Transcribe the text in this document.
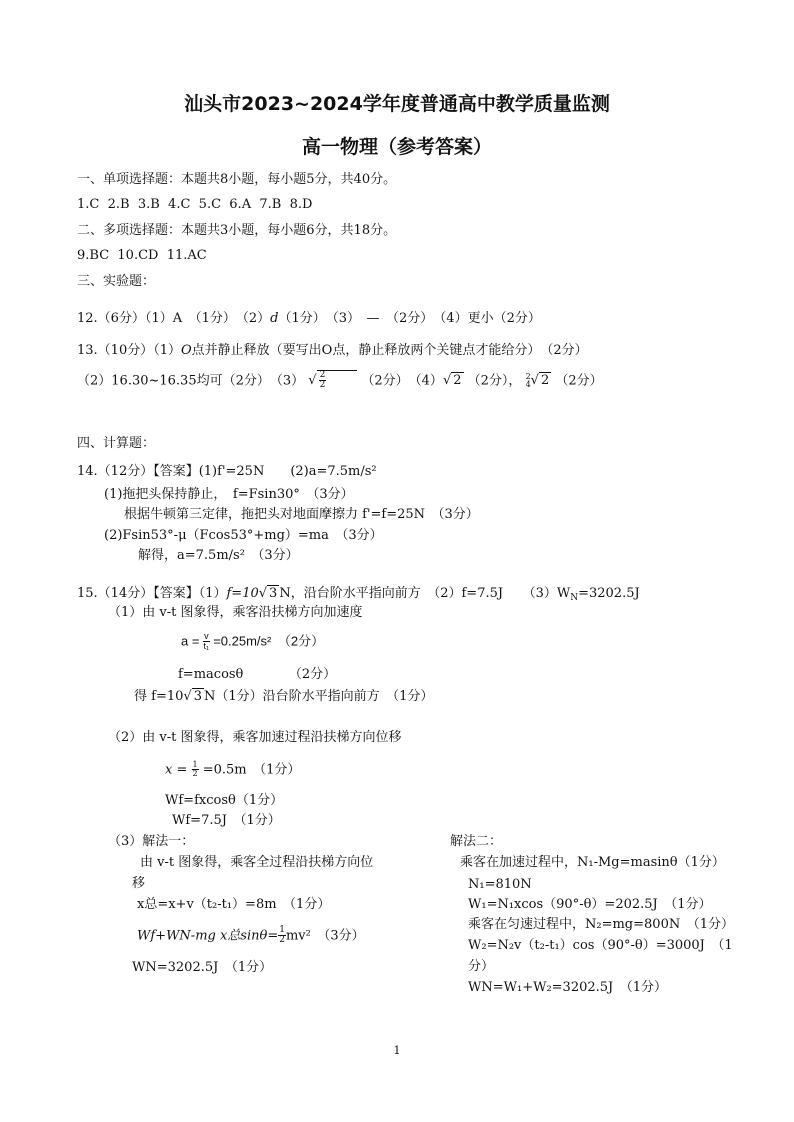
汕头市2023~2024学年度普通高中教学质量监测
高一物理（参考答案）
一、单项选择题：本题共8小题，每小题5分，共40分。
1.C  2.B  3.B  4.C  5.C  6.A  7.B  8.D
二、多项选择题：本题共3小题，每小题6分，共18分。
9.BC  10.CD  11.AC
三、实验题：
12.（6分）（1）A　（1分）　（2）d（1分）　（3）　—　（2分）　（4）更小（2分）
13.（10分）（1）O点并静止释放（要写出O点，静止释放两个关键点才能给分）　（2分）
（2）16.30~16.35均可（2分）　（3） √ $\frac{2}{2}$	（2分）　（4）√ 2 （2分）， 2
4 √ 2 （2分）
四、计算题：
14.（12分）【答案】(1)f'=25N　　(2)a=7.5m/s²
(1)拖把头保持静止，　f=Fsin30°　（3分）
根据牛顿第三定律，拖把头对地面摩擦力 f'=f=25N　（3分）
(2)Fsin53°-μ（Fcos53°+mg）=ma　（3分）
解得，a=7.5m/s²　（3分）
15.（14分）【答案】（1）f=10√ 3 N，沿台阶水平指向前方　（2）f=7.5J　　$(3)W_N=3202.5J$
（1）由 v-t 图象得，乘客沿扶梯方向加速度
$a = \frac{v}{\text{t₁}} =0.25m/s^2$　（2分）
f=macosθ　　　　（2分）
得 f=10√ 3 N（1分）沿台阶水平指向前方　（1分）
（2）由 v-t 图象得，乘客加速过程沿扶梯方向位移
$x = \frac{1}{2} =0.5m$　（1分）
Wf=fxcosθ（1分）
Wf=7.5J　（1分）
（3）解法一：
由 v-t 图象得，乘客全过程沿扶梯方向位
移
x总=x+v（t₂-t₁）=8m　（1分）
Wf+WN-mg x总$\sin\theta= \frac{1}{2} mv^2$　（3分）
WN=3202.5J　（1分）
解法二：
乘客在加速过程中，N₁-Mg=masinθ（1分）
N₁=810N
W₁=N₁xcos（90°-θ）=202.5J　（1分）
乘客在匀速过程中，N₂=mg=800N　（1分）
W₂=N₂v（t₂-t₁）cos（90°-θ）=3000J　（1
分）
WN=W₁+W₂=3202.5J　（1分）
1
